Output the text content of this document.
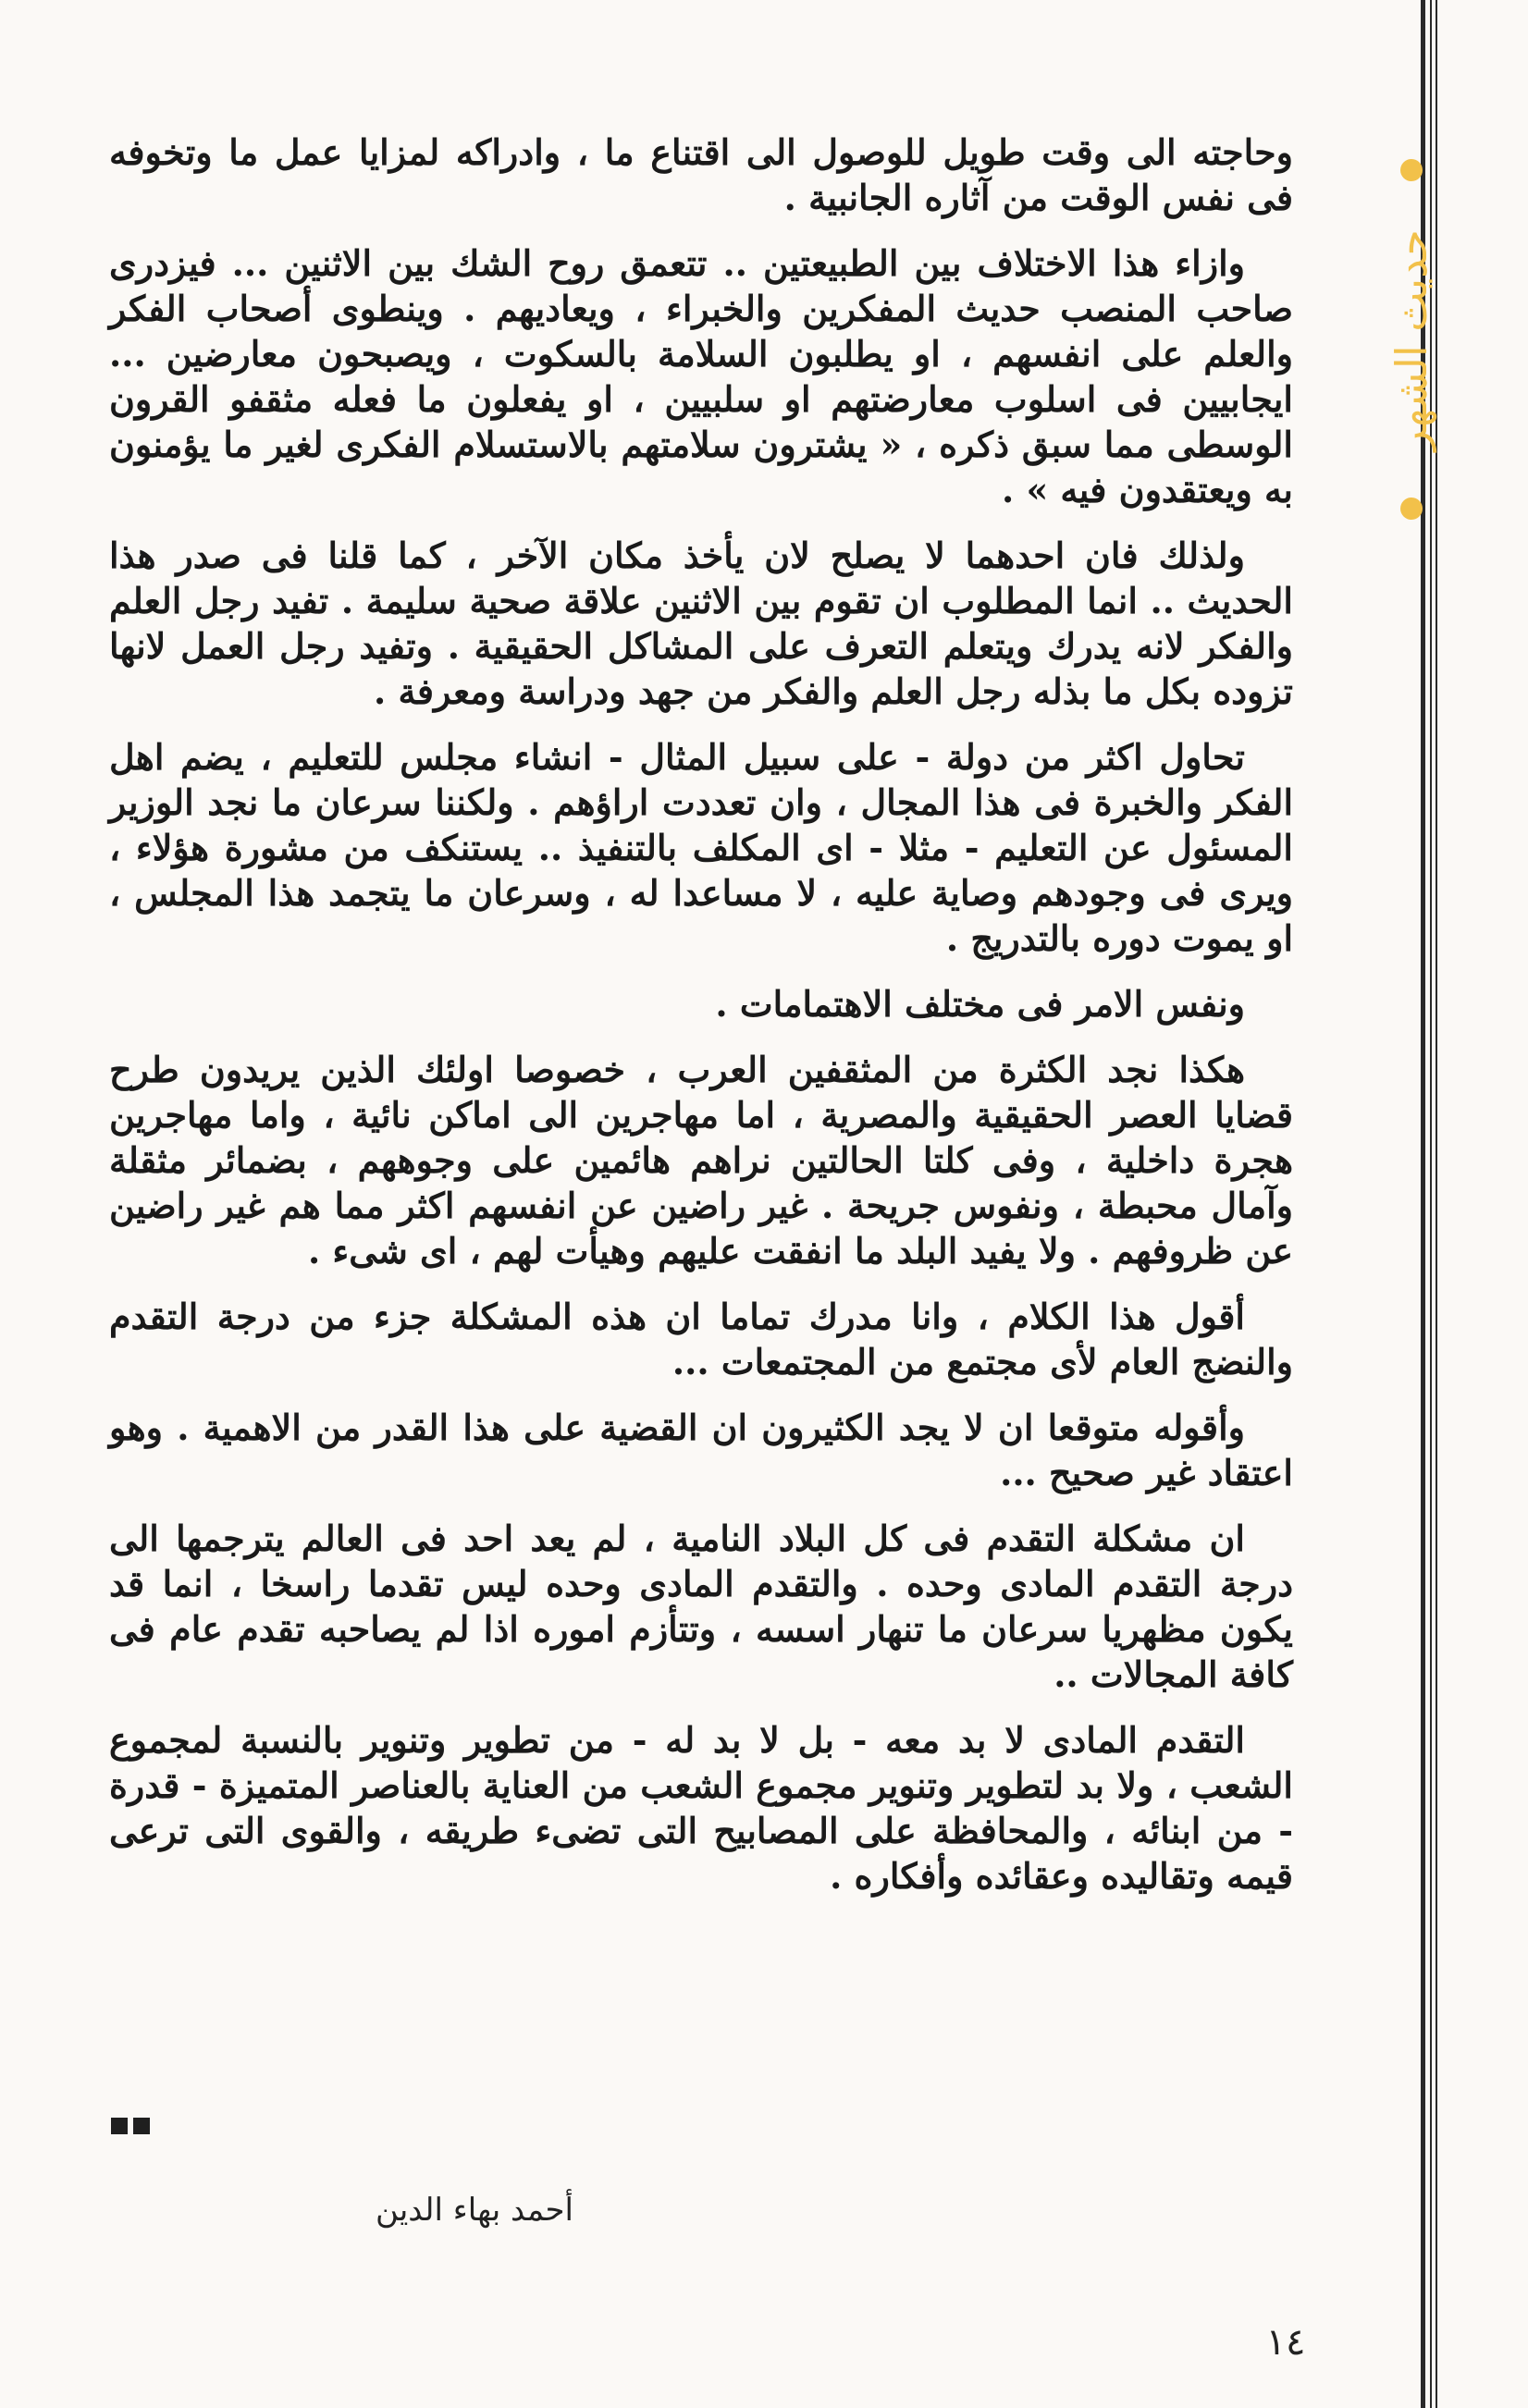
حديث الشهر

وحاجته الى وقت طويل للوصول الى اقتناع ما ، وادراكه لمزايا عمل ما وتخوفه فى نفس الوقت من آثاره الجانبية .

وازاء هذا الاختلاف بين الطبيعتين .. تتعمق روح الشك بين الاثنين ... فيزدرى صاحب المنصب حديث المفكرين والخبراء ، ويعاديهم . وينطوى أصحاب الفكر والعلم على انفسهم ، او يطلبون السلامة بالسكوت ، ويصبحون معارضين ... ايجابيين فى اسلوب معارضتهم او سلبيين ، او يفعلون ما فعله مثقفو القرون الوسطى مما سبق ذكره ، « يشترون سلامتهم بالاستسلام الفكرى لغير ما يؤمنون به ويعتقدون فيه » .

ولذلك فان احدهما لا يصلح لان يأخذ مكان الآخر ، كما قلنا فى صدر هذا الحديث .. انما المطلوب ان تقوم بين الاثنين علاقة صحية سليمة . تفيد رجل العلم والفكر لانه يدرك ويتعلم التعرف على المشاكل الحقيقية . وتفيد رجل العمل لانها تزوده بكل ما بذله رجل العلم والفكر من جهد ودراسة ومعرفة .

تحاول اكثر من دولة - على سبيل المثال - انشاء مجلس للتعليم ، يضم اهل الفكر والخبرة فى هذا المجال ، وان تعددت اراؤهم . ولكننا سرعان ما نجد الوزير المسئول عن التعليم - مثلا - اى المكلف بالتنفيذ .. يستنكف من مشورة هؤلاء ، ويرى فى وجودهم وصاية عليه ، لا مساعدا له ، وسرعان ما يتجمد هذا المجلس ، او يموت دوره بالتدريج .

ونفس الامر فى مختلف الاهتمامات .

هكذا نجد الكثرة من المثقفين العرب ، خصوصا اولئك الذين يريدون طرح قضايا العصر الحقيقية والمصرية ، اما مهاجرين الى اماكن نائية ، واما مهاجرين هجرة داخلية ، وفى كلتا الحالتين نراهم هائمين على وجوههم ، بضمائر مثقلة وآمال محبطة ، ونفوس جريحة . غير راضين عن انفسهم اكثر مما هم غير راضين عن ظروفهم . ولا يفيد البلد ما انفقت عليهم وهيأت لهم ، اى شىء .

أقول هذا الكلام ، وانا مدرك تماما ان هذه المشكلة جزء من درجة التقدم والنضج العام لأى مجتمع من المجتمعات ...

وأقوله متوقعا ان لا يجد الكثيرون ان القضية على هذا القدر من الاهمية . وهو اعتقاد غير صحيح ...

ان مشكلة التقدم فى كل البلاد النامية ، لم يعد احد فى العالم يترجمها الى درجة التقدم المادى وحده . والتقدم المادى وحده ليس تقدما راسخا ، انما قد يكون مظهريا سرعان ما تنهار اسسه ، وتتأزم اموره اذا لم يصاحبه تقدم عام فى كافة المجالات ..

التقدم المادى لا بد معه - بل لا بد له - من تطوير وتنوير بالنسبة لمجموع الشعب ، ولا بد لتطوير وتنوير مجموع الشعب من العناية بالعناصر المتميزة - قدرة - من ابنائه ، والمحافظة على المصابيح التى تضىء طريقه ، والقوى التى ترعى قيمه وتقاليده وعقائده وأفكاره .

أحمد بهاء الدين
١٤
